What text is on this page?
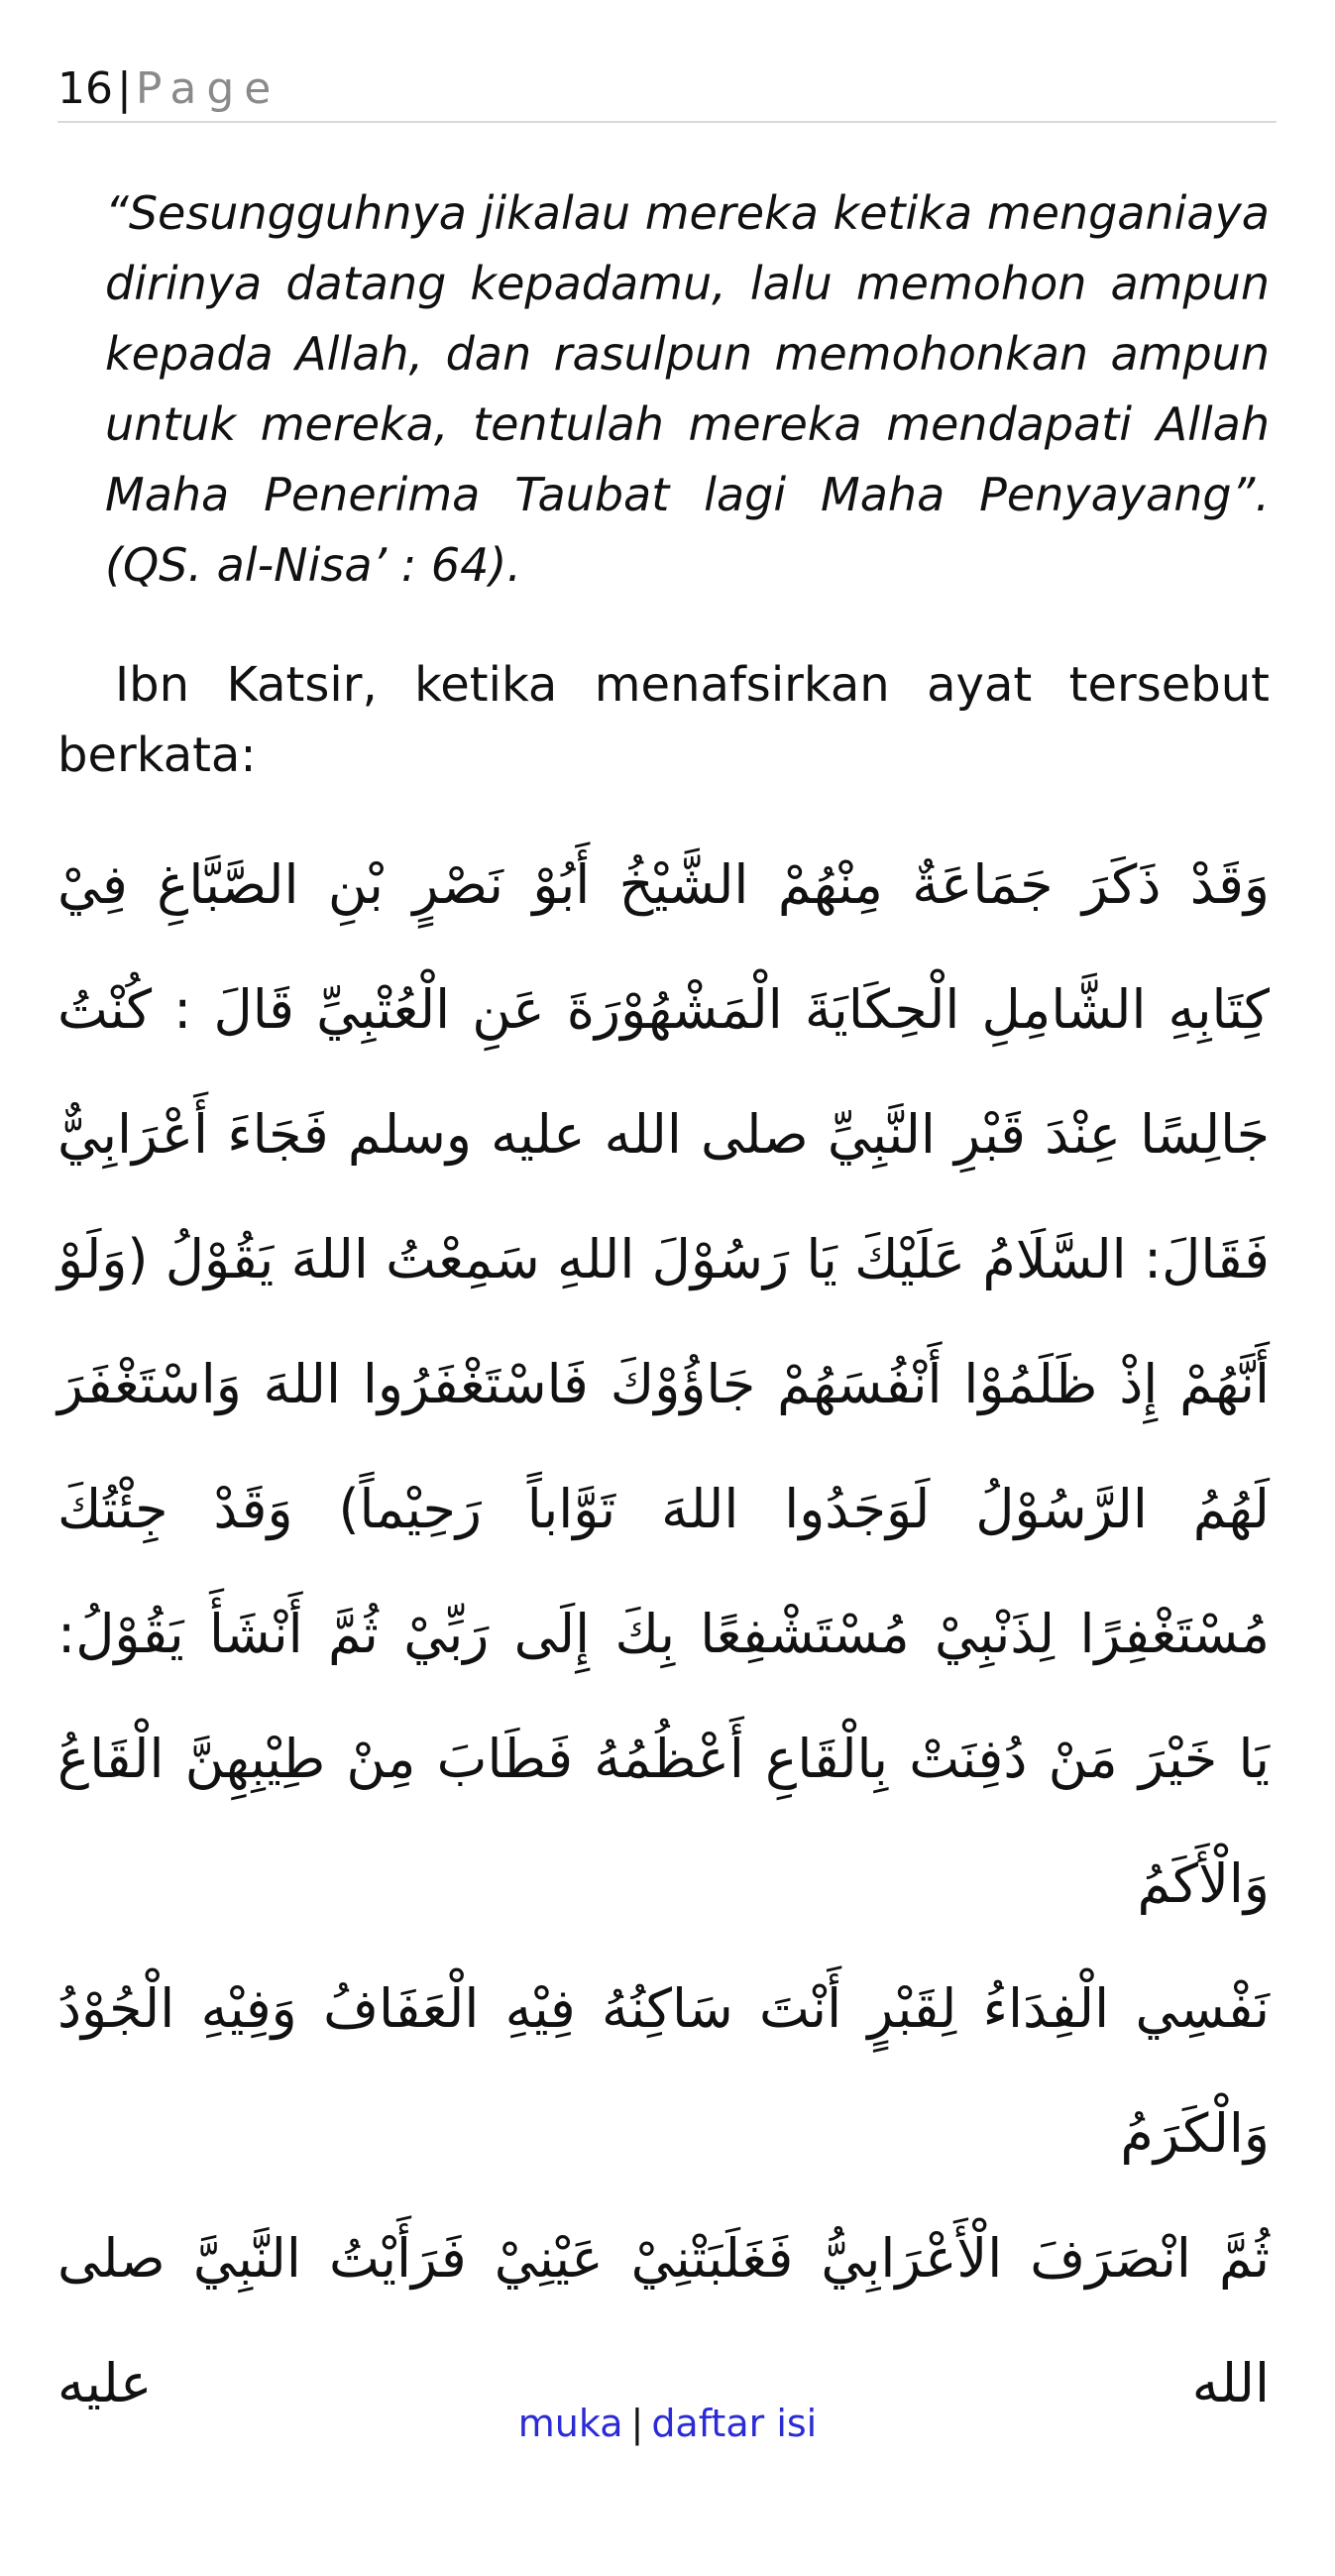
16|Page

“Sesungguhnya jikalau mereka ketika menganiaya dirinya datang kepadamu, lalu memohon ampun kepada Allah, dan rasulpun memohonkan ampun untuk mereka, tentulah mereka mendapati Allah Maha Penerima Taubat lagi Maha Penyayang”. (QS. al-Nisa’ : 64).

Ibn Katsir, ketika menafsirkan ayat tersebut berkata:

وَقَدْ ذَكَرَ جَمَاعَةٌ مِنْهُمْ الشَّيْخُ أَبُوْ نَصْرٍ بْنِ الصَّبَّاغِ فِيْ كِتَابِهِ الشَّامِلِ الْحِكَايَةَ الْمَشْهُوْرَةَ عَنِ الْعُتْبِيِّ قَالَ : كُنْتُ جَالِسًا عِنْدَ قَبْرِ النَّبِيِّ صلى الله عليه وسلم فَجَاءَ أَعْرَابِيٌّ فَقَالَ: السَّلَامُ عَلَيْكَ يَا رَسُوْلَ اللهِ سَمِعْتُ اللهَ يَقُوْلُ (وَلَوْ أَنَّهُمْ إِذْ ظَلَمُوْا أَنْفُسَهُمْ جَاؤُوْكَ فَاسْتَغْفَرُوا اللهَ وَاسْتَغْفَرَ لَهُمُ الرَّسُوْلُ لَوَجَدُوا اللهَ تَوَّاباً رَحِيْماً) وَقَدْ جِئْتُكَ مُسْتَغْفِرًا لِذَنْبِيْ مُسْتَشْفِعًا بِكَ إِلَى رَبِّيْ ثُمَّ أَنْشَأَ يَقُوْلُ:

يَا خَيْرَ مَنْ دُفِنَتْ بِالْقَاعِ أَعْظُمُهُ فَطَابَ مِنْ طِيْبِهِنَّ الْقَاعُ وَالْأَكَمُ

نَفْسِي الْفِدَاءُ لِقَبْرٍ أَنْتَ سَاكِنُهُ فِيْهِ الْعَفَافُ وَفِيْهِ الْجُوْدُ وَالْكَرَمُ

ثُمَّ انْصَرَفَ الْأَعْرَابِيُّ فَغَلَبَتْنِيْ عَيْنِيْ فَرَأَيْتُ النَّبِيَّ صلى الله عليه

muka | daftar isi
